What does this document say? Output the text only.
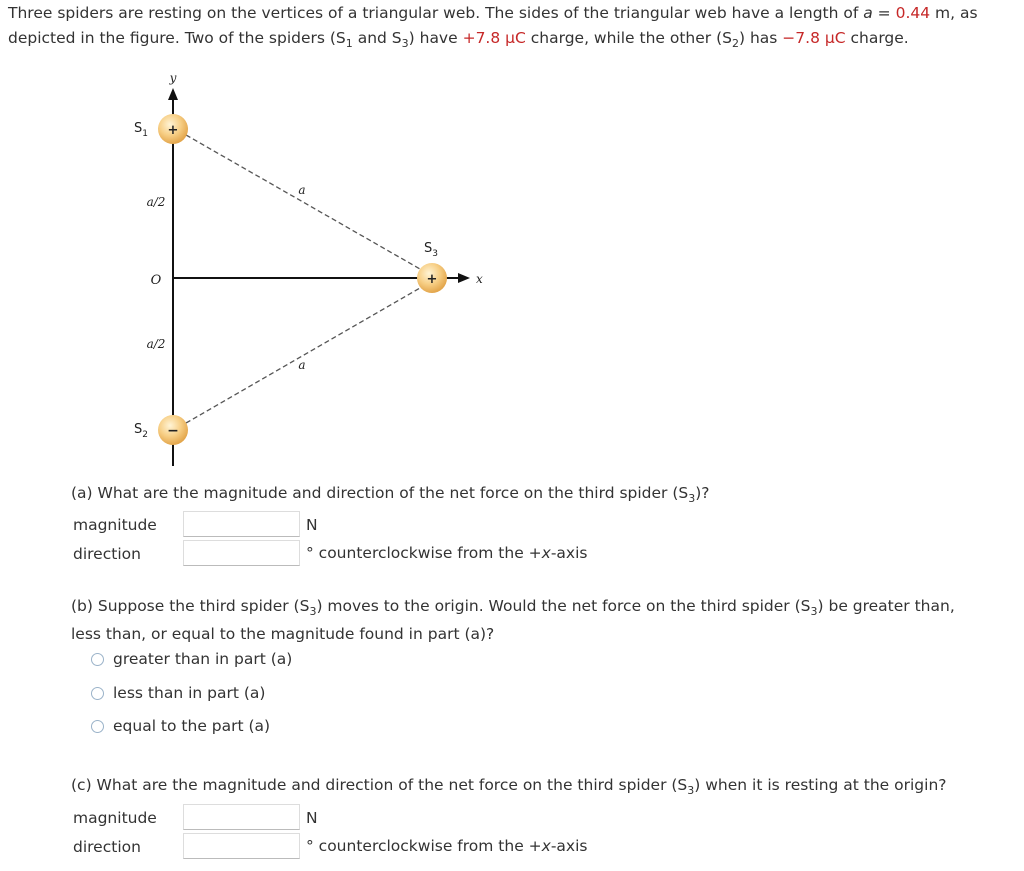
Three spiders are resting on the vertices of a triangular web. The sides of the triangular web have a length of a = 0.44 m, as
depicted in the figure. Two of the spiders ($S_1$ and $S_3$) have +7.8 μC charge, while the other $(S_2)$ has −7.8 μC charge.
+
−
+
y
x
O
a/2
a/2
a
a
$S_1$
$S_2$
$S_3$
(a) What are the magnitude and direction of the net force on the third spider $(S_3)$?
magnitude	N
direction	° counterclockwise from the +x-axis
(b) Suppose the third spider $(S_3)$ moves to the origin. Would the net force on the third spider $(S_3)$ be greater than,
less than, or equal to the magnitude found in part (a)?
greater than in part (a)
less than in part (a)
equal to the part (a)
(c) What are the magnitude and direction of the net force on the third spider $(S_3)$ when it is resting at the origin?
magnitude	N
direction	° counterclockwise from the +x-axis
